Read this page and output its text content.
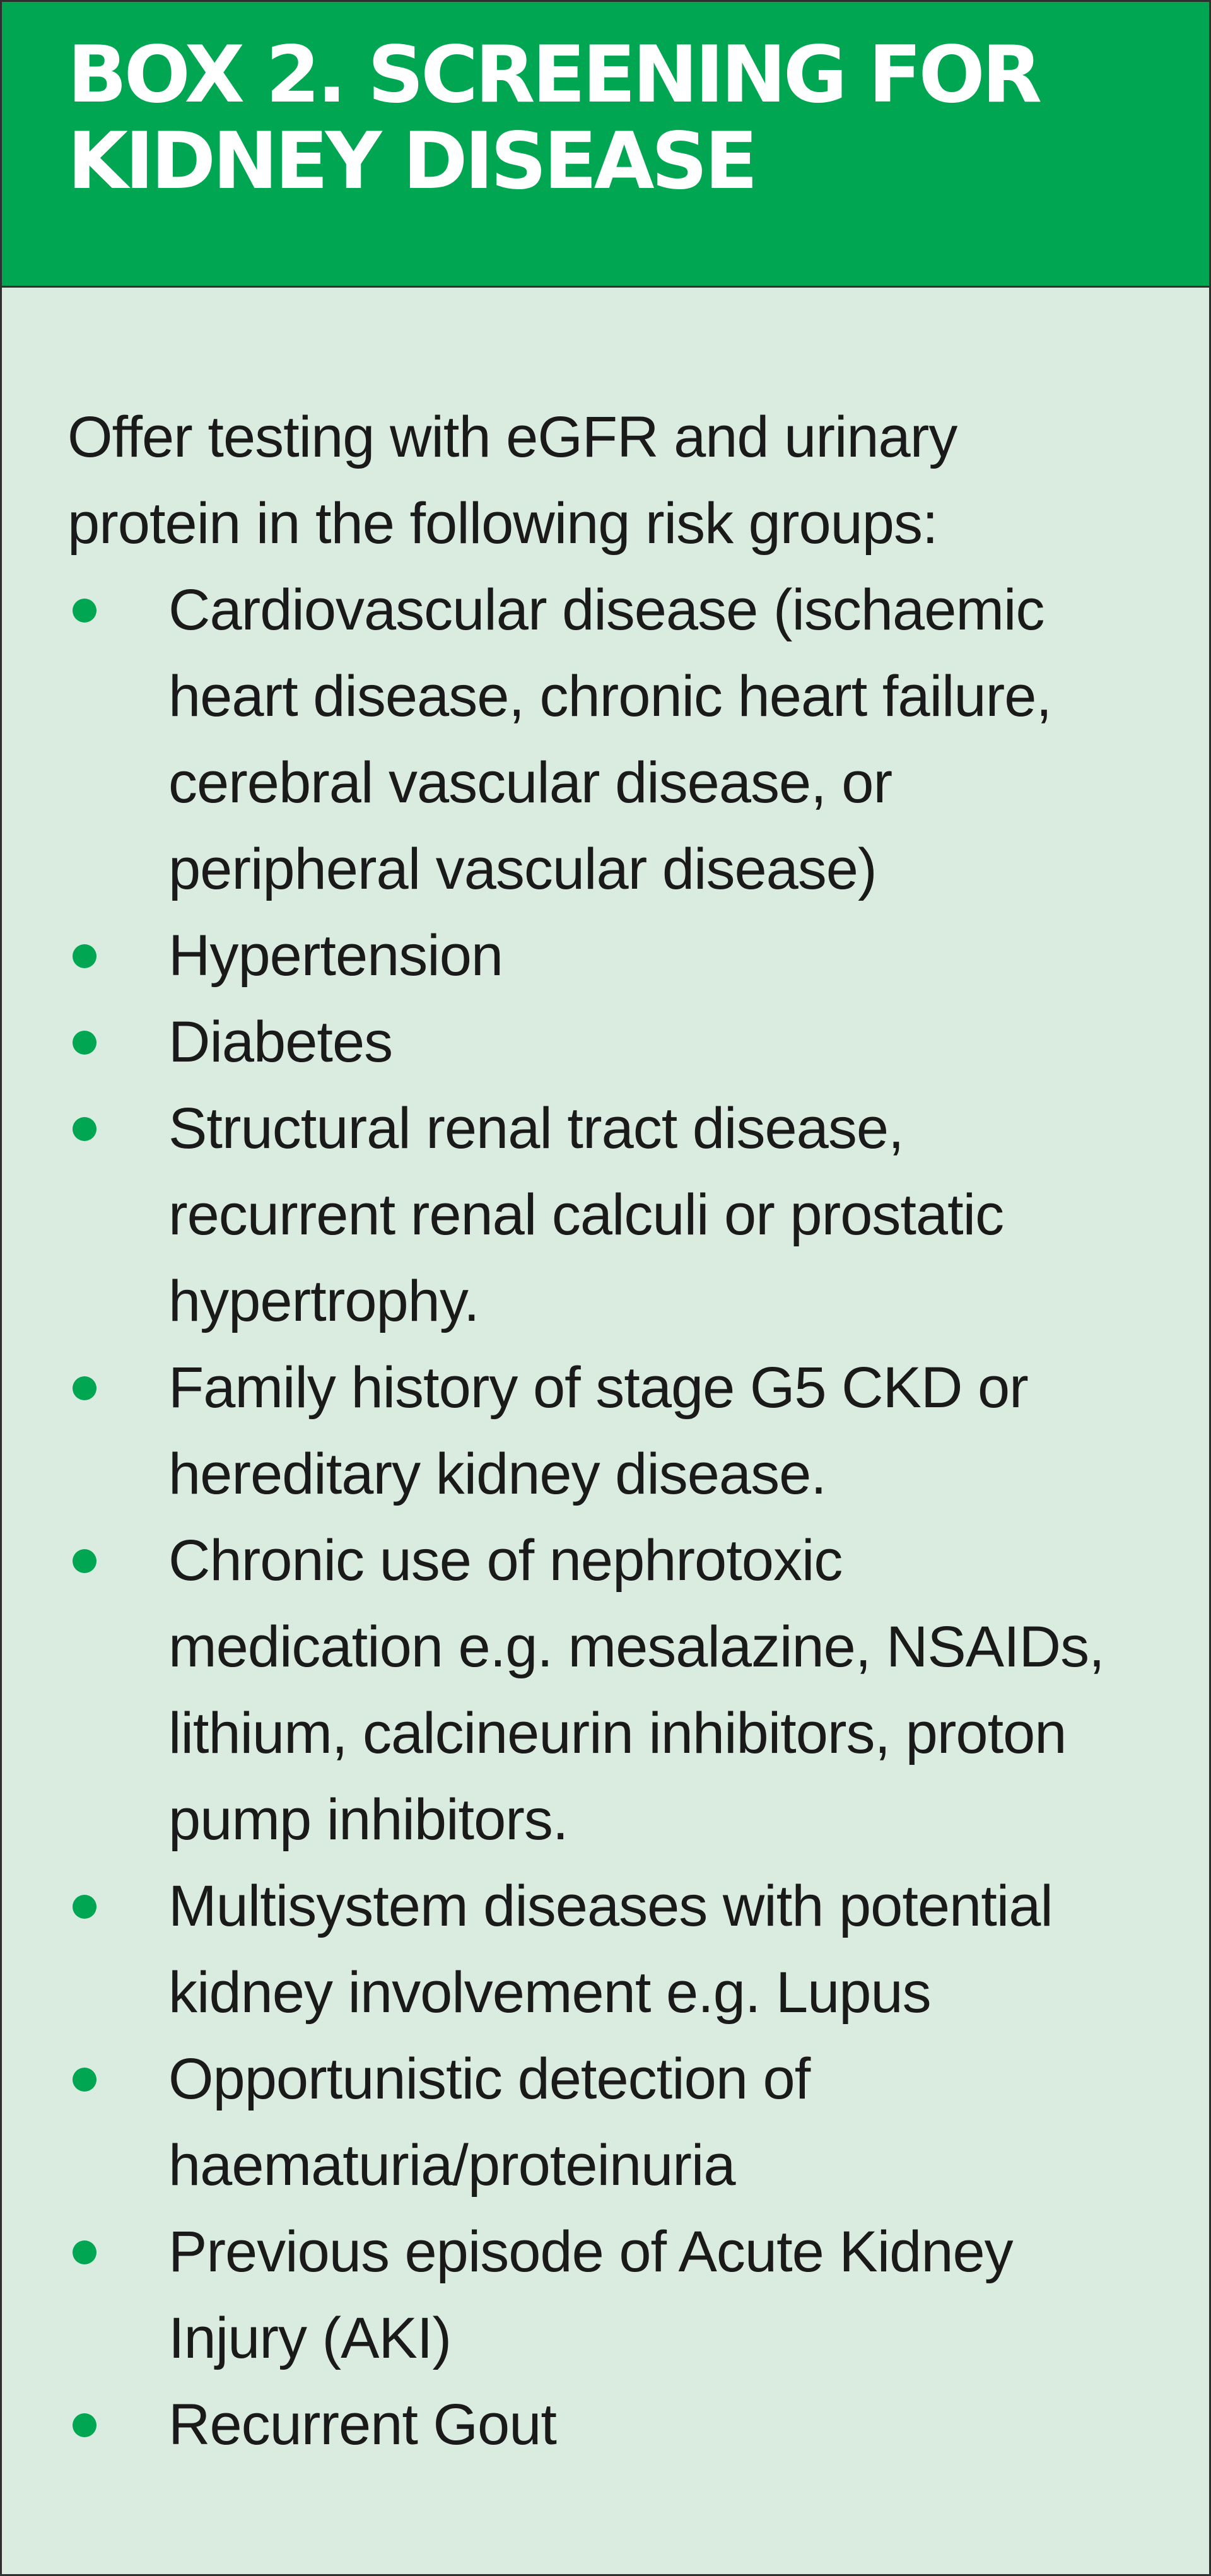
BOX 2. SCREENING FOR
KIDNEY DISEASE

Offer testing with eGFR and urinary
protein in the following risk groups:

Cardiovascular disease (ischaemic
heart disease, chronic heart failure,
cerebral vascular disease, or
peripheral vascular disease)
Hypertension
Diabetes
Structural renal tract disease,
recurrent renal calculi or prostatic
hypertrophy.
Family history of stage G5 CKD or
hereditary kidney disease.
Chronic use of nephrotoxic
medication e.g. mesalazine, NSAIDs,
lithium, calcineurin inhibitors, proton
pump inhibitors.
Multisystem diseases with potential
kidney involvement e.g. Lupus
Opportunistic detection of
haematuria/proteinuria
Previous episode of Acute Kidney
Injury (AKI)
Recurrent Gout
